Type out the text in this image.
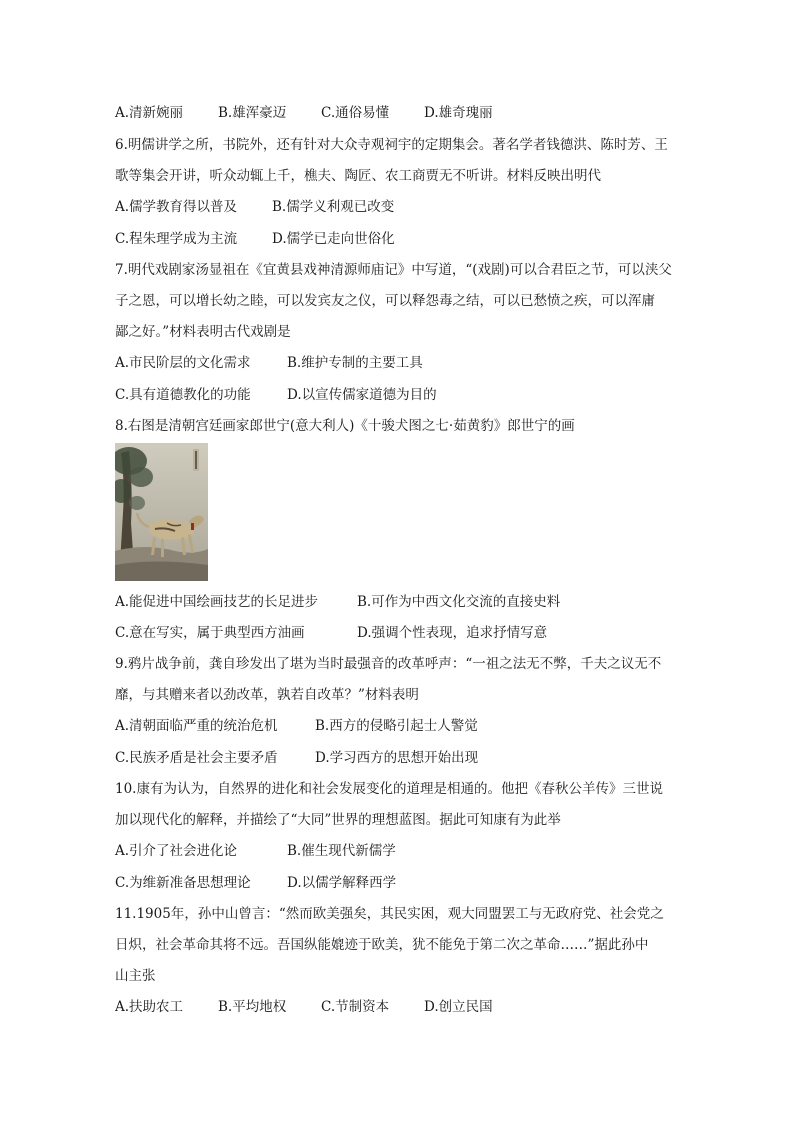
A.清新婉丽	B.雄浑豪迈	C.通俗易懂	D.雄奇瑰丽
6.明儒讲学之所，书院外，还有针对大众寺观祠宇的定期集会。著名学者钱德洪、陈时芳、王
歌等集会开讲，听众动辄上千，樵夫、陶匠、农工商贾无不听讲。材料反映出明代
A.儒学教育得以普及	B.儒学义利观已改变
C.程朱理学成为主流	D.儒学已走向世俗化
7.明代戏剧家汤显祖在《宜黄县戏神清源师庙记》中写道，“(戏剧)可以合君臣之节，可以浃父
子之恩，可以增长幼之睦，可以发宾友之仪，可以释怨毒之结，可以已愁愤之疾，可以浑庸
鄙之好。”材料表明古代戏剧是
A.市民阶层的文化需求	B.维护专制的主要工具
C.具有道德教化的功能	D.以宣传儒家道德为目的
8.右图是清朝宫廷画家郎世宁(意大利人)《十骏犬图之七·茹黄豹》郎世宁的画
A.能促进中国绘画技艺的长足进步	B.可作为中西文化交流的直接史料
C.意在写实，属于典型西方油画	D.强调个性表现，追求抒情写意
9.鸦片战争前，龚自珍发出了堪为当时最强音的改革呼声：“一祖之法无不弊，千夫之议无不
靡，与其赠来者以劲改革，孰若自改革？”材料表明
A.清朝面临严重的统治危机	B.西方的侵略引起士人警觉
C.民族矛盾是社会主要矛盾	D.学习西方的思想开始出现
10.康有为认为，自然界的进化和社会发展变化的道理是相通的。他把《春秋公羊传》三世说
加以现代化的解释，并描绘了“大同”世界的理想蓝图。据此可知康有为此举
A.引介了社会进化论	B.催生现代新儒学
C.为维新准备思想理论	D.以儒学解释西学
11.1905年，孙中山曾言：“然而欧美强矣，其民实困，观大同盟罢工与无政府党、社会党之
日炽，社会革命其将不远。吾国纵能媲迹于欧美，犹不能免于第二次之革命……”据此孙中
山主张
A.扶助农工	B.平均地权	C.节制资本	D.创立民国
